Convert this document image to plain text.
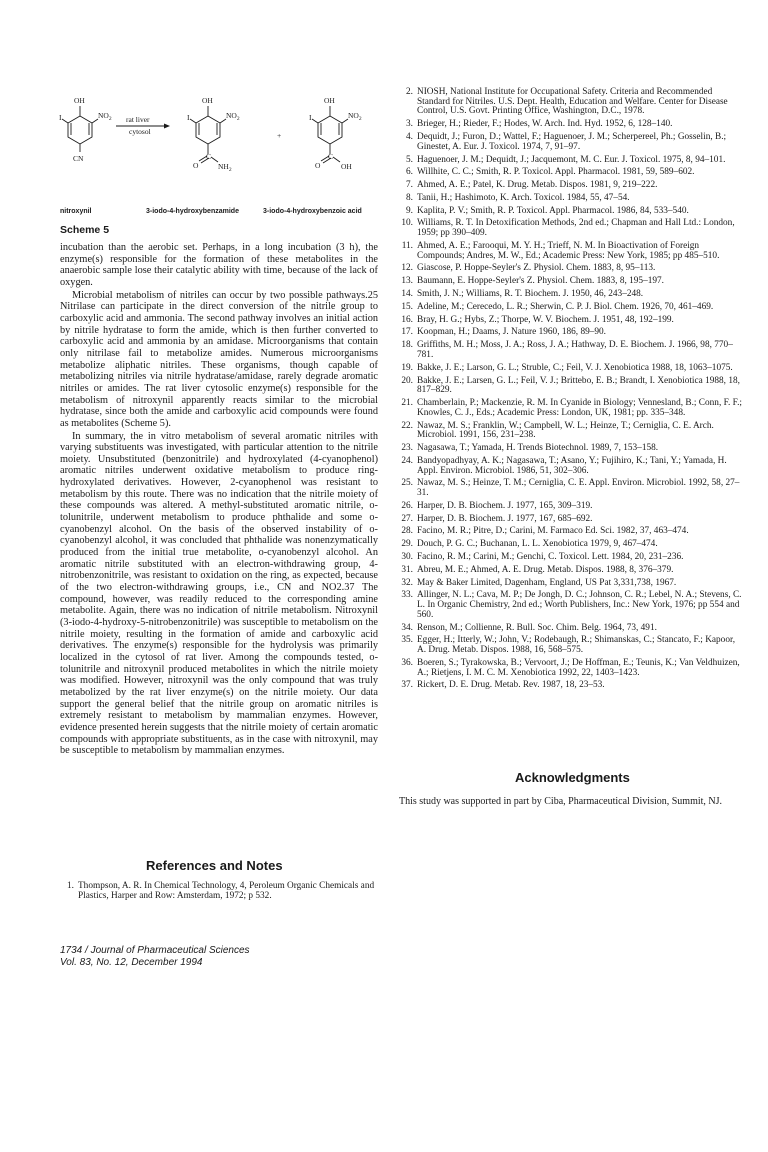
OH
I	$NO_2$
CN
rat liver
cytosol
OH
I	$NO_2$
O
C
$NH_2$
+
OH
I	$NO_2$
O
C
OH
nitroxynil	3-iodo-4-hydroxybenzamide	3-iodo-4-hydroxybenzoic acid
Scheme 5

incubation than the aerobic set. Perhaps, in a long incubation (3 h), the enzyme(s) responsible for the formation of these metabolites in the anaerobic sample lose their catalytic ability with time, because of the lack of oxygen.

Microbial metabolism of nitriles can occur by two possible pathways.25 Nitrilase can participate in the direct conversion of the nitrile group to carboxylic acid and ammonia. The second pathway involves an initial action by nitrile hydratase to form the amide, which is then further converted to carboxylic acid and ammonia by an amidase. Microorganisms that contain only nitrilase fail to metabolize amides. Numerous microorganisms metabolize aliphatic nitriles. These organisms, though capable of metabolizing nitriles via nitrile hydratase/amidase, rarely degrade aromatic nitriles or amides. The rat liver cytosolic enzyme(s) responsible for the metabolism of nitroxynil apparently reacts similar to the microbial hydratase, since both the amide and carboxylic acid compounds were found as metabolites (Scheme 5).

In summary, the in vitro metabolism of several aromatic nitriles with varying substituents was investigated, with particular attention to the nitrile moiety. Unsubstituted (benzonitrile) and hydroxylated (4-cyanophenol) aromatic nitriles underwent oxidative metabolism to produce ring-hydroxylated derivatives. However, 2-cyanophenol was resistant to metabolism by this route. There was no indication that the nitrile moiety of these compounds was altered. A methyl-substituted aromatic nitrile, o-tolunitrile, underwent metabolism to produce phthalide and some o-cyanobenzyl alcohol. On the basis of the observed instability of o-cyanobenzyl alcohol, it was concluded that phthalide was nonenzymatically produced from the initial true metabolite, o-cyanobenzyl alcohol. An aromatic nitrile substituted with an electron-withdrawing group, 4-nitrobenzonitrile, was resistant to oxidation on the ring, as expected, because of the two electron-withdrawing groups, i.e., CN and NO2.37 The compound, however, was readily reduced to the corresponding amine metabolite. Again, there was no indication of nitrile metabolism. Nitroxynil (3-iodo-4-hydroxy-5-nitrobenzonitrile) was susceptible to metabolism on the nitrile moiety, resulting in the formation of amide and carboxylic acid derivatives. The enzyme(s) responsible for the hydrolysis was primarily localized in the cytosol of rat liver. Among the compounds tested, o-tolunitrile and nitroxynil produced metabolites in which the nitrile moiety was modified. However, nitroxynil was the only compound that was truly metabolized by the rat liver enzyme(s) on the nitrile moiety. Our data support the general belief that the nitrile group on aromatic nitriles is extremely resistant to metabolism by mammalian enzymes. However, evidence presented herein suggests that the nitrile moiety of certain aromatic compounds with appropriate substituents, as in the case with nitroxynil, may be susceptible to metabolism by mammalian enzymes.

References and Notes
1. Thompson, A. R. In Chemical Technology, 4, Peroleum Organic Chemicals and Plastics, Harper and Row: Amsterdam, 1972; p 532.
2. NIOSH, National Institute for Occupational Safety. Criteria and Recommended Standard for Nitriles. U.S. Dept. Health, Education and Welfare. Center for Disease Control, U.S. Govt. Printing Office, Washington, D.C., 1978.
3. Brieger, H.; Rieder, F.; Hodes, W. Arch. Ind. Hyd. 1952, 6, 128–140.
4. Dequidt, J.; Furon, D.; Wattel, F.; Haguenoer, J. M.; Scherpereel, Ph.; Gosselin, B.; Ginestet, A. Eur. J. Toxicol. 1974, 7, 91–97.
5. Haguenoer, J. M.; Dequidt, J.; Jacquemont, M. C. Eur. J. Toxicol. 1975, 8, 94–101.
6. Willhite, C. C.; Smith, R. P. Toxicol. Appl. Pharmacol. 1981, 59, 589–602.
7. Ahmed, A. E.; Patel, K. Drug. Metab. Dispos. 1981, 9, 219–222.
8. Tanii, H.; Hashimoto, K. Arch. Toxicol. 1984, 55, 47–54.
9. Kaplita, P. V.; Smith, R. P. Toxicol. Appl. Pharmacol. 1986, 84, 533–540.
10. Williams, R. T. In Detoxification Methods, 2nd ed.; Chapman and Hall Ltd.: London, 1959; pp 390–409.
11. Ahmed, A. E.; Farooqui, M. Y. H.; Trieff, N. M. In Bioactivation of Foreign Compounds; Andres, M. W., Ed.; Academic Press: New York, 1985; pp 485–510.
12. Giascose, P. Hoppe-Seyler's Z. Physiol. Chem. 1883, 8, 95–113.
13. Baumann, E. Hoppe-Seyler's Z. Physiol. Chem. 1883, 8, 195–197.
14. Smith, J. N.; Williams, R. T. Biochem. J. 1950, 46, 243–248.
15. Adeline, M.; Cerecedo, L. R.; Sherwin, C. P. J. Biol. Chem. 1926, 70, 461–469.
16. Bray, H. G.; Hybs, Z.; Thorpe, W. V. Biochem. J. 1951, 48, 192–199.
17. Koopman, H.; Daams, J. Nature 1960, 186, 89–90.
18. Griffiths, M. H.; Moss, J. A.; Ross, J. A.; Hathway, D. E. Biochem. J. 1966, 98, 770–781.
19. Bakke, J. E.; Larson, G. L.; Struble, C.; Feil, V. J. Xenobiotica 1988, 18, 1063–1075.
20. Bakke, J. E.; Larsen, G. L.; Feil, V. J.; Brittebo, E. B.; Brandt, I. Xenobiotica 1988, 18, 817–829.
21. Chamberlain, P.; Mackenzie, R. M. In Cyanide in Biology; Vennesland, B.; Conn, F. F.; Knowles, C. J., Eds.; Academic Press: London, UK, 1981; pp. 335–348.
22. Nawaz, M. S.; Franklin, W.; Campbell, W. L.; Heinze, T.; Cerniglia, C. E. Arch. Microbiol. 1991, 156, 231–238.
23. Nagasawa, T.; Yamada, H. Trends Biotechnol. 1989, 7, 153–158.
24. Bandyopadhyay, A. K.; Nagasawa, T.; Asano, Y.; Fujihiro, K.; Tani, Y.; Yamada, H. Appl. Environ. Microbiol. 1986, 51, 302–306.
25. Nawaz, M. S.; Heinze, T. M.; Cerniglia, C. E. Appl. Environ. Microbiol. 1992, 58, 27–31.
26. Harper, D. B. Biochem. J. 1977, 165, 309–319.
27. Harper, D. B. Biochem. J. 1977, 167, 685–692.
28. Facino, M. R.; Pitre, D.; Carini, M. Farmaco Ed. Sci. 1982, 37, 463–474.
29. Douch, P. G. C.; Buchanan, L. L. Xenobiotica 1979, 9, 467–474.
30. Facino, R. M.; Carini, M.; Genchi, C. Toxicol. Lett. 1984, 20, 231–236.
31. Abreu, M. E.; Ahmed, A. E. Drug. Metab. Dispos. 1988, 8, 376–379.
32. May & Baker Limited, Dagenham, England, US Pat 3,331,738, 1967.
33. Allinger, N. L.; Cava, M. P.; De Jongh, D. C.; Johnson, C. R.; Lebel, N. A.; Stevens, C. L. In Organic Chemistry, 2nd ed.; Worth Publishers, Inc.: New York, 1976; pp 554 and 560.
34. Renson, M.; Collienne, R. Bull. Soc. Chim. Belg. 1964, 73, 491.
35. Egger, H.; Itterly, W.; John, V.; Rodebaugh, R.; Shimanskas, C.; Stancato, F.; Kapoor, A. Drug. Metab. Dispos. 1988, 16, 568–575.
36. Boeren, S.; Tyrakowska, B.; Vervoort, J.; De Hoffman, E.; Teunis, K.; Van Veldhuizen, A.; Rietjens, I. M. C. M. Xenobiotica 1992, 22, 1403–1423.
37. Rickert, D. E. Drug. Metab. Rev. 1987, 18, 23–53.
Acknowledgments
This study was supported in part by Ciba, Pharmaceutical Division, Summit, NJ.
1734 / Journal of Pharmaceutical Sciences
Vol. 83, No. 12, December 1994
